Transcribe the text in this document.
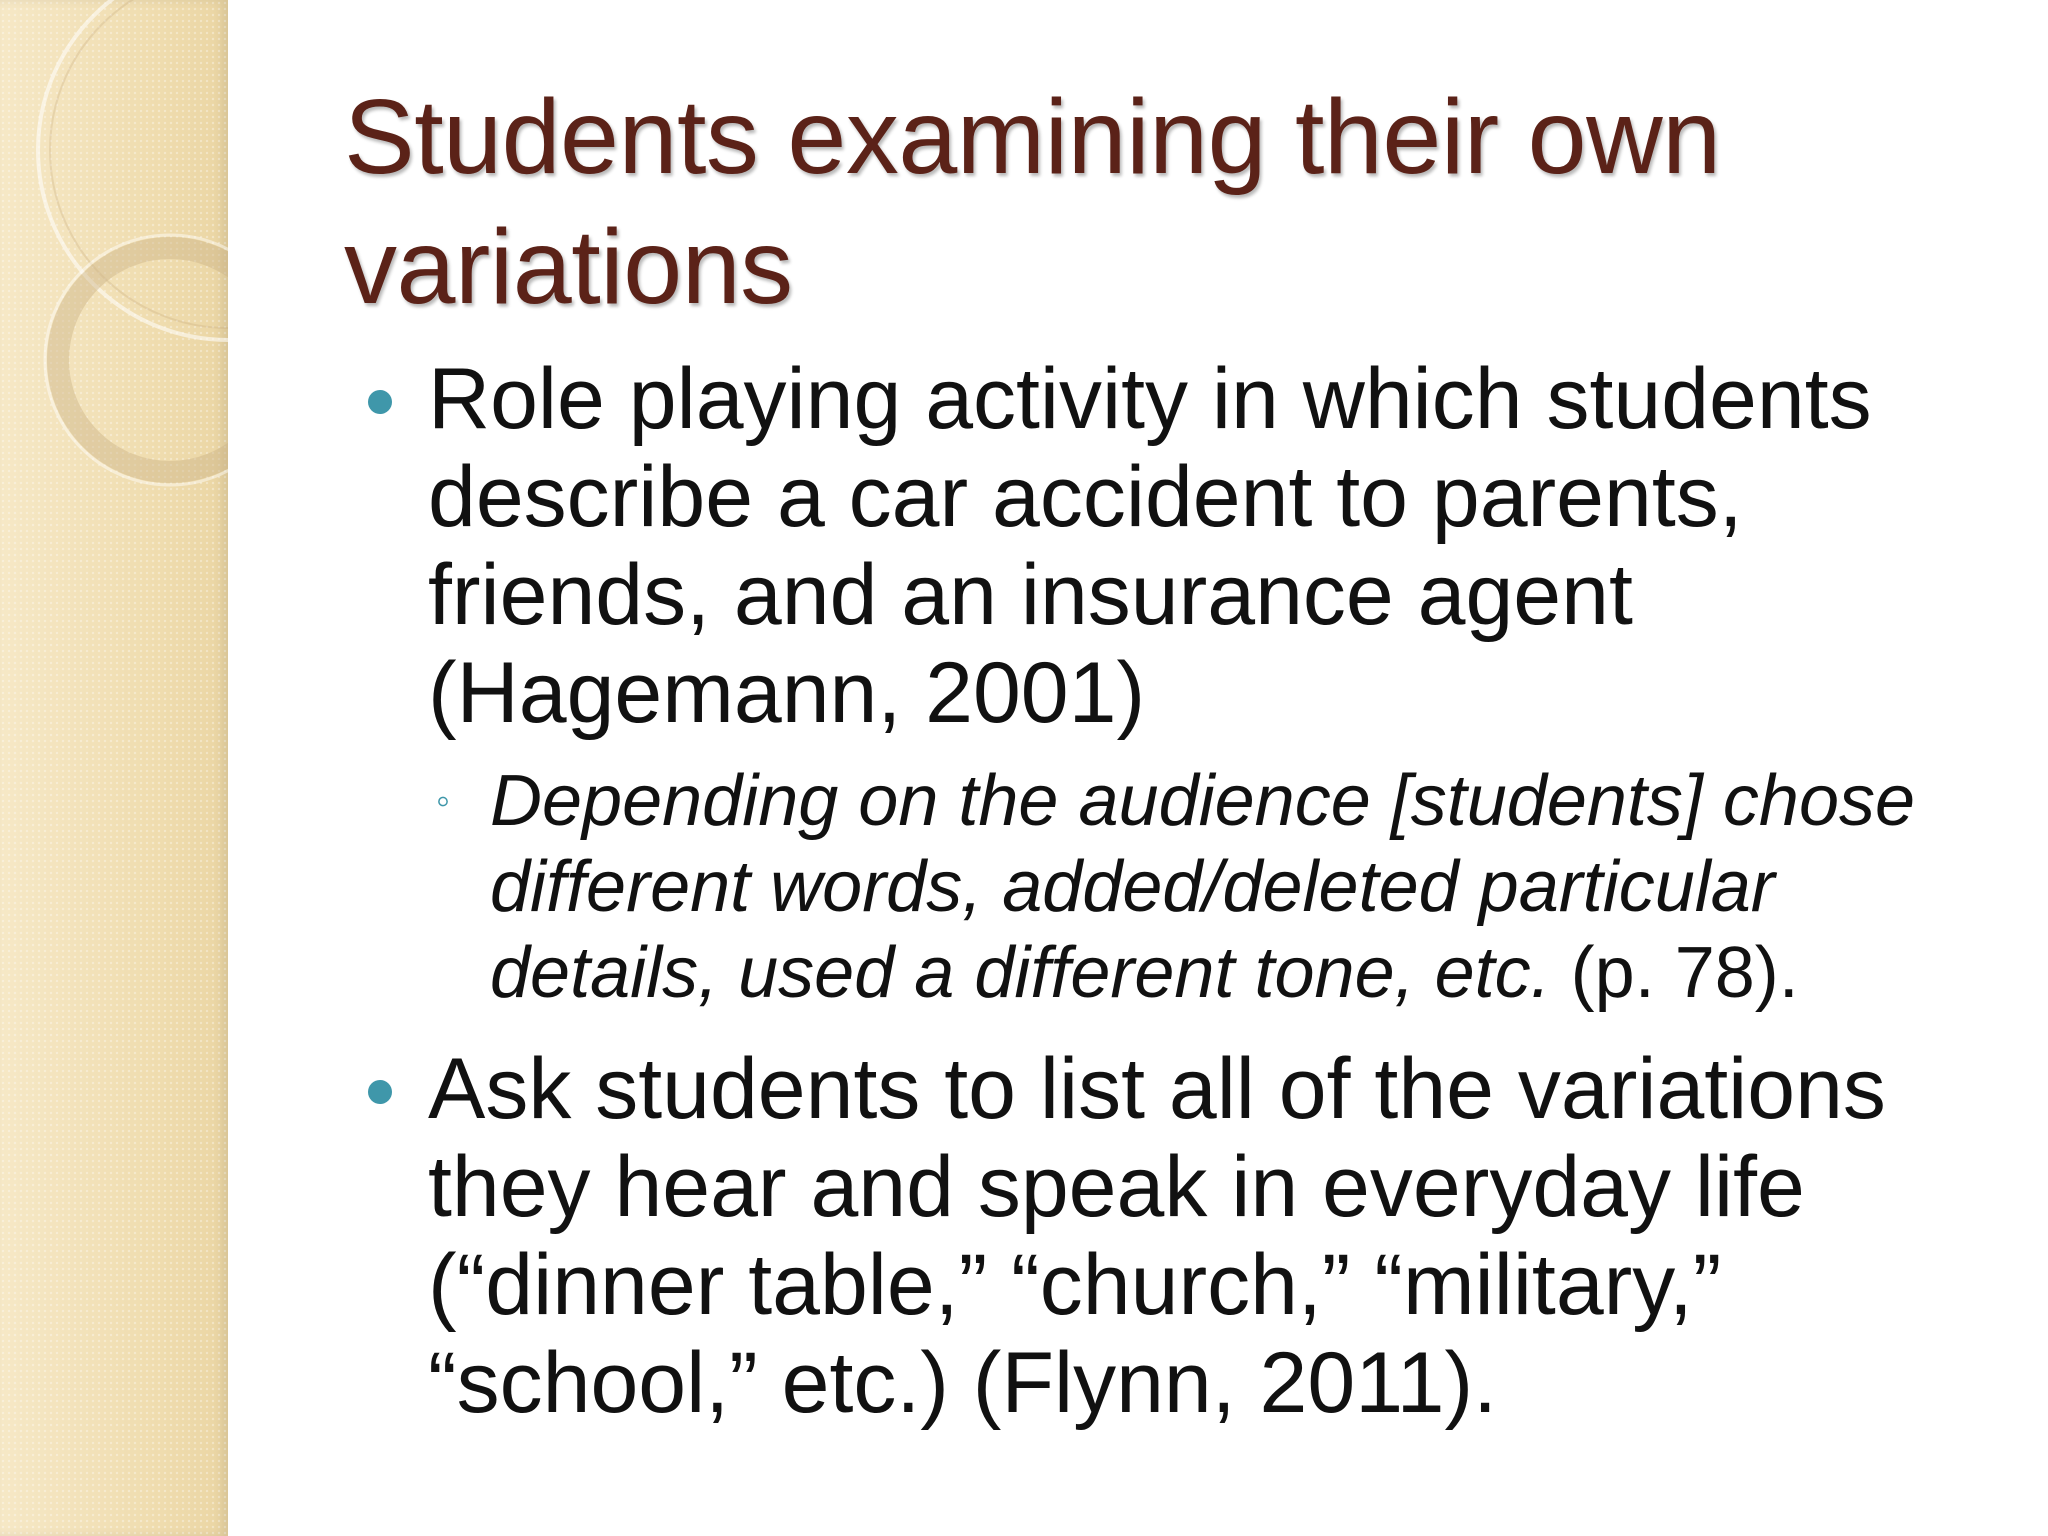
Students examining their own variations

Role playing activity in which students describe a car accident to parents, friends, and an insurance agent (Hagemann, 2001)

◦ Depending on the audience [students] chose different words, added/deleted particular details, used a different tone, etc. (p. 78).

Ask students to list all of the variations they hear and speak in everyday life (“dinner table,” “church,” “military,” “school,” etc.) (Flynn, 2011).
